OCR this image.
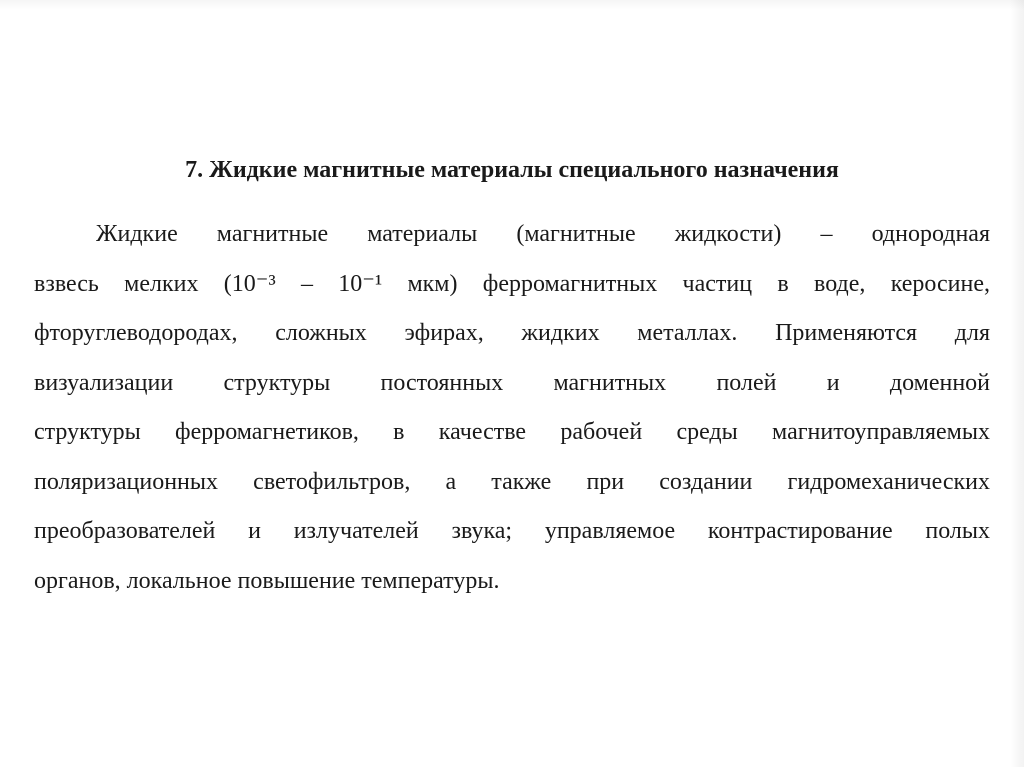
7. Жидкие магнитные материалы специального назначения

Жидкие магнитные материалы (магнитные жидкости) – однородная
взвесь мелких (10⁻³ – 10⁻¹ мкм) ферромагнитных частиц в воде, керосине,
фторуглеводородах, сложных эфирах, жидких металлах. Применяются для
визуализации структуры постоянных магнитных полей и доменной
структуры ферромагнетиков, в качестве рабочей среды магнитоуправляемых
поляризационных светофильтров, а также при создании гидромеханических
преобразователей и излучателей звука; управляемое контрастирование полых
органов, локальное повышение температуры.
